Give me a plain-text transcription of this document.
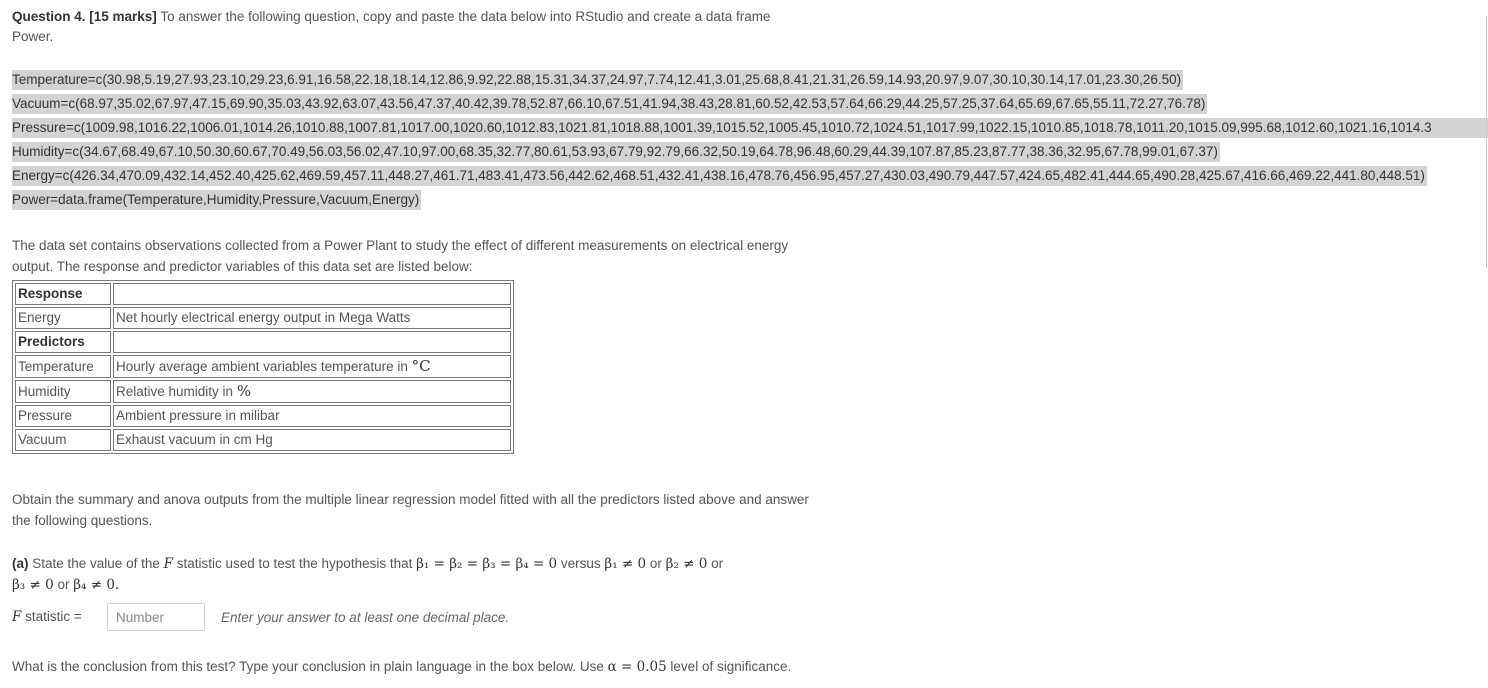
Question 4. [15 marks] To answer the following question, copy and paste the data below into RStudio and create a data frame
Power.
Temperature=c(30.98,5.19,27.93,23.10,29.23,6.91,16.58,22.18,18.14,12.86,9.92,22.88,15.31,34.37,24.97,7.74,12.41,3.01,25.68,8.41,21.31,26.59,14.93,20.97,9.07,30.10,30.14,17.01,23.30,26.50)
Vacuum=c(68.97,35.02,67.97,47.15,69.90,35.03,43.92,63.07,43.56,47.37,40.42,39.78,52.87,66.10,67.51,41.94,38.43,28.81,60.52,42.53,57.64,66.29,44.25,57.25,37.64,65.69,67.65,55.11,72.27,76.78)
Pressure=c(1009.98,1016.22,1006.01,1014.26,1010.88,1007.81,1017.00,1020.60,1012.83,1021.81,1018.88,1001.39,1015.52,1005.45,1010.72,1024.51,1017.99,1022.15,1010.85,1018.78,1011.20,1015.09,995.68,1012.60,1021.16,1014.3
Humidity=c(34.67,68.49,67.10,50.30,60.67,70.49,56.03,56.02,47.10,97.00,68.35,32.77,80.61,53.93,67.79,92.79,66.32,50.19,64.78,96.48,60.29,44.39,107.87,85.23,87.77,38.36,32.95,67.78,99.01,67.37)
Energy=c(426.34,470.09,432.14,452.40,425.62,469.59,457.11,448.27,461.71,483.41,473.56,442.62,468.51,432.41,438.16,478.76,456.95,457.27,430.03,490.79,447.57,424.65,482.41,444.65,490.28,425.67,416.66,469.22,441.80,448.51)
Power=data.frame(Temperature,Humidity,Pressure,Vacuum,Energy)
The data set contains observations collected from a Power Plant to study the effect of different measurements on electrical energy
output. The response and predictor variables of this data set are listed below:
Response	
Energy	Net hourly electrical energy output in Mega Watts
Predictors	
Temperature	Hourly average ambient variables temperature in °C
Humidity	Relative humidity in %
Pressure	Ambient pressure in milibar
Vacuum	Exhaust vacuum in cm Hg
Obtain the summary and anova outputs from the multiple linear regression model fitted with all the predictors listed above and answer
the following questions.
(a) State the value of the F statistic used to test the hypothesis that β₁ = β₂ = β₃ = β₄ = 0 versus β₁ ≠ 0 or β₂ ≠ 0 or
β₃ ≠ 0 or β₄ ≠ 0.
F statistic =
Number	Enter your answer to at least one decimal place.
What is the conclusion from this test? Type your conclusion in plain language in the box below. Use α = 0.05 level of significance.
